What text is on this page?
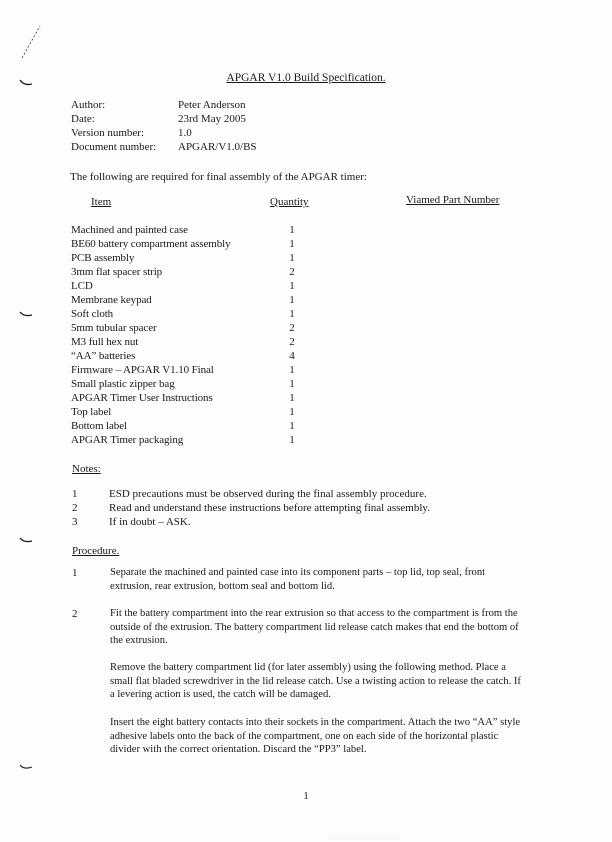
APGAR V1.0 Build Specification.
Author:	Peter Anderson
Date:	23rd May 2005
Version number:	1.0
Document number: APGAR/V1.0/BS
The following are required for final assembly of the APGAR timer:
Item	Quantity	Viamed Part Number
Machined and painted case	1
BE60 battery compartment assembly	1
PCB assembly	1
3mm flat spacer strip	2
LCD	1
Membrane keypad	1
Soft cloth	1
5mm tubular spacer	2
M3 full hex nut	2
“AA” batteries	4
Firmware – APGAR V1.10 Final	1
Small plastic zipper bag	1
APGAR Timer User Instructions	1
Top label	1
Bottom label	1
APGAR Timer packaging	1
Notes:
1	ESD precautions must be observed during the final assembly procedure.
2	Read and understand these instructions before attempting final assembly.
3	If in doubt – ASK.
Procedure.
1	Separate the machined and painted case into its component parts – top lid, top seal, front extrusion, rear extrusion, bottom seal and bottom lid.
2	Fit the battery compartment into the rear extrusion so that access to the compartment is from the outside of the extrusion. The battery compartment lid release catch makes that end the bottom of the extrusion.
Remove the battery compartment lid (for later assembly) using the following method. Place a small flat bladed screwdriver in the lid release catch. Use a twisting action to release the catch. If a levering action is used, the catch will be damaged.
Insert the eight battery contacts into their sockets in the compartment. Attach the two “AA” style adhesive labels onto the back of the compartment, one on each side of the horizontal plastic divider with the correct orientation. Discard the “PP3” label.
1
